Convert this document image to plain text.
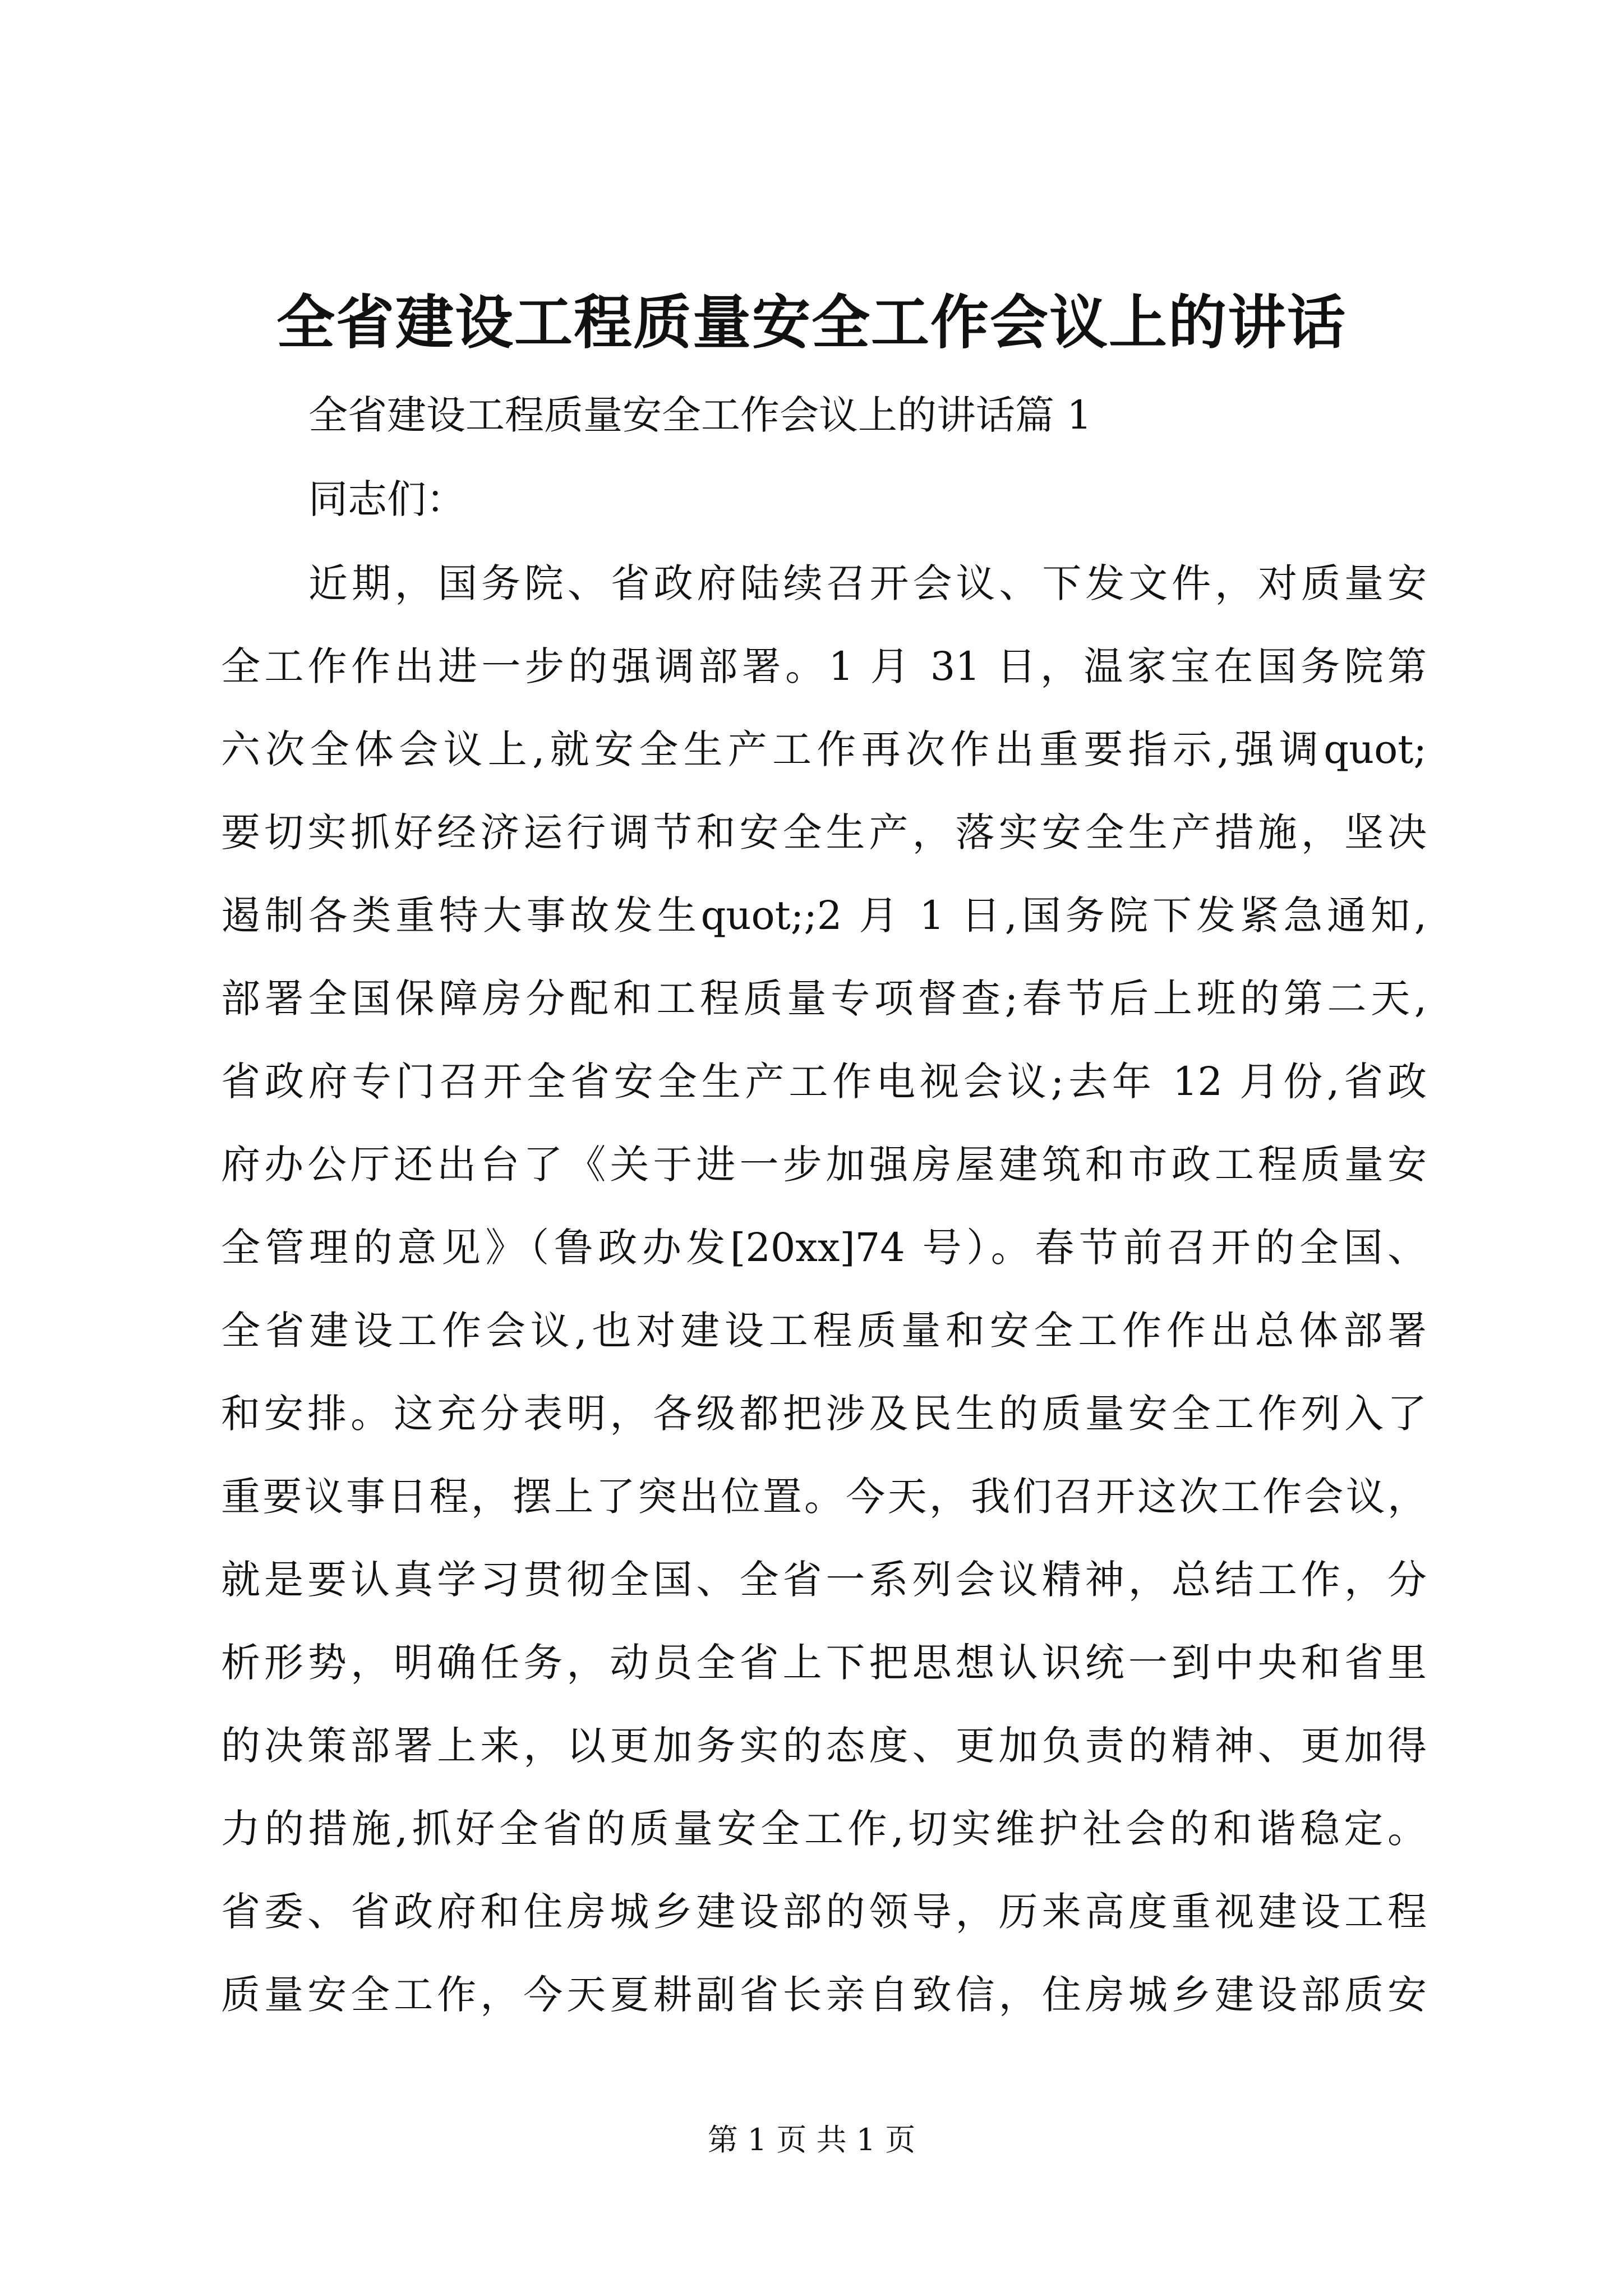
全省建设工程质量安全工作会议上的讲话
全省建设工程质量安全工作会议上的讲话篇 1
同志们：
近期，国务院、省政府陆续召开会议、下发文件，对质量安
全工作作出进一步的强调部署。1 月 31 日，温家宝在国务院第
六次全体会议上,就安全生产工作再次作出重要指示,强调quot;
要切实抓好经济运行调节和安全生产，落实安全生产措施，坚决
遏制各类重特大事故发生quot;;2 月 1 日,国务院下发紧急通知,
部署全国保障房分配和工程质量专项督查;春节后上班的第二天,
省政府专门召开全省安全生产工作电视会议;去年 12 月份,省政
府办公厅还出台了《关于进一步加强房屋建筑和市政工程质量安
全管理的意见》（鲁政办发[20xx]74 号）。春节前召开的全国、
全省建设工作会议,也对建设工程质量和安全工作作出总体部署
和安排。这充分表明，各级都把涉及民生的质量安全工作列入了
重要议事日程，摆上了突出位置。今天，我们召开这次工作会议，
就是要认真学习贯彻全国、全省一系列会议精神，总结工作，分
析形势，明确任务，动员全省上下把思想认识统一到中央和省里
的决策部署上来，以更加务实的态度、更加负责的精神、更加得
力的措施,抓好全省的质量安全工作,切实维护社会的和谐稳定。
省委、省政府和住房城乡建设部的领导，历来高度重视建设工程
质量安全工作，今天夏耕副省长亲自致信，住房城乡建设部质安
第 1 页 共 1 页
